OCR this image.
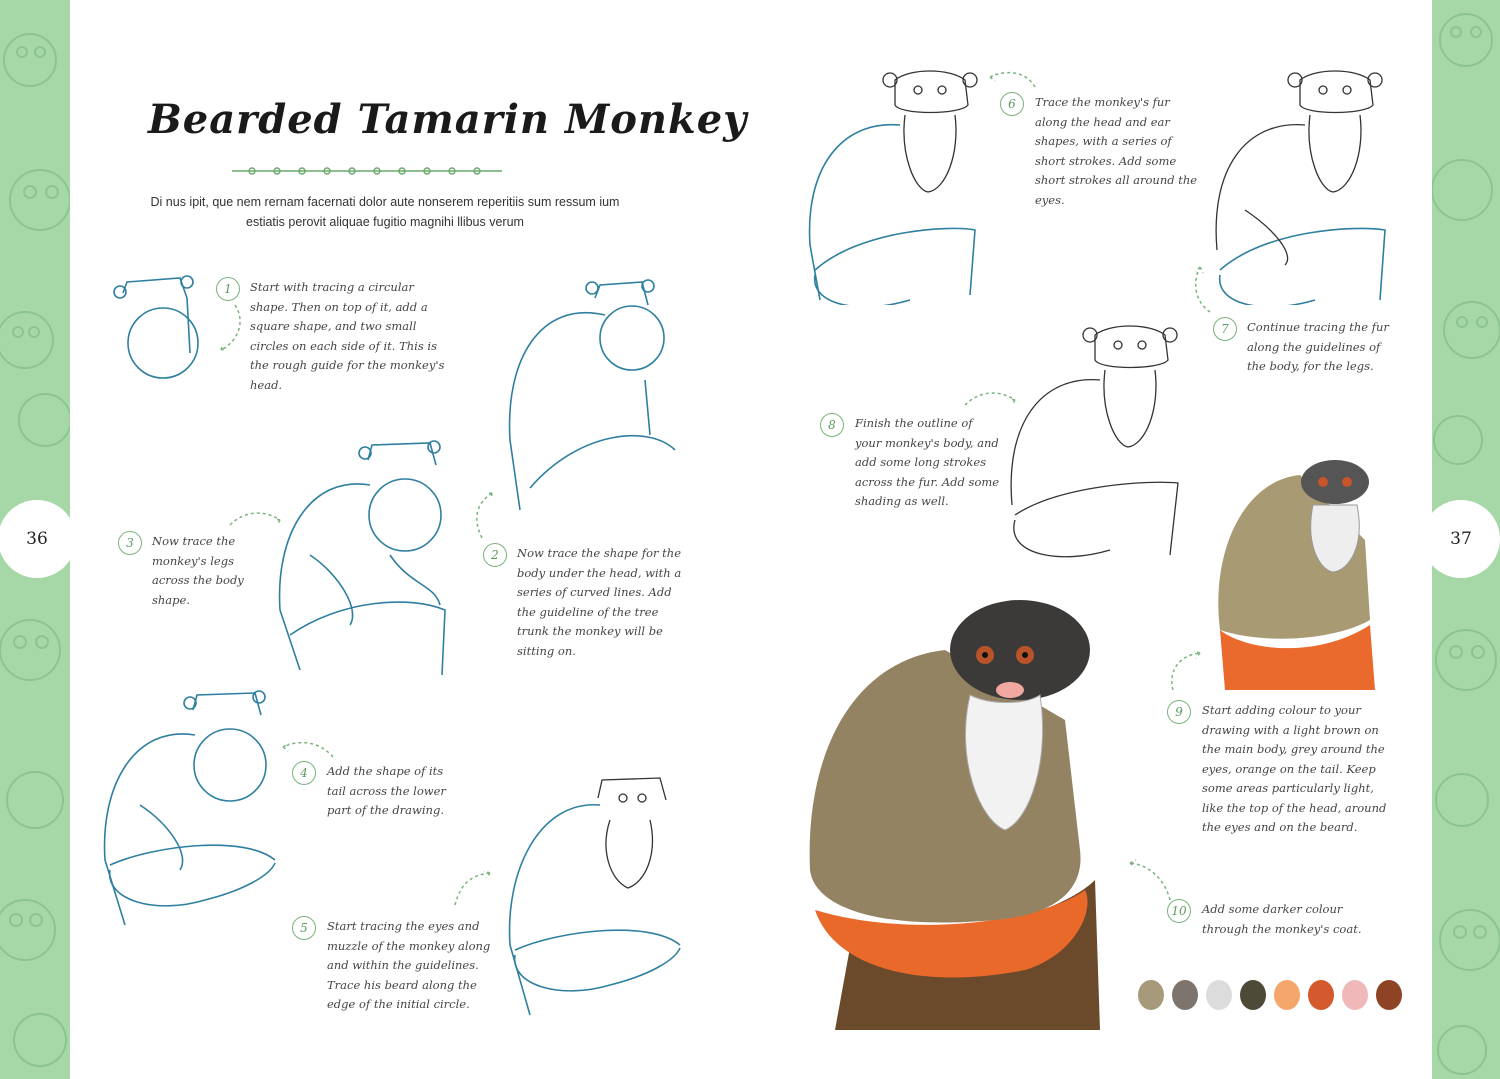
36	37
Bearded Tamarin Monkey
Di nus ipit, que nem rernam facernati dolor aute nonserem reperitiis sum ressum ium estiatis perovit aliquae fugitio magnihi llibus verum
1	Start with tracing a circular shape. Then on top of it, add a square shape, and two small circles on each side of it. This is the rough guide for the monkey's head.
2	Now trace the shape for the body under the head, with a series of curved lines. Add the guideline of the tree trunk the monkey will be sitting on.
3	Now trace the monkey's legs across the body shape.
4	Add the shape of its tail across the lower part of the drawing.
5	Start tracing the eyes and muzzle of the monkey along and within the guidelines. Trace his beard along the edge of the initial circle.
6	Trace the monkey's fur along the head and ear shapes, with a series of short strokes. Add some short strokes all around the eyes.
7	Continue tracing the fur along the guidelines of the body, for the legs.
8	Finish the outline of your monkey's body, and add some long strokes across the fur. Add some shading as well.
9	Start adding colour to your drawing with a light brown on the main body, grey around the eyes, orange on the tail. Keep some areas particularly light, like the top of the head, around the eyes and on the beard.
10	Add some darker colour through the monkey's coat.
